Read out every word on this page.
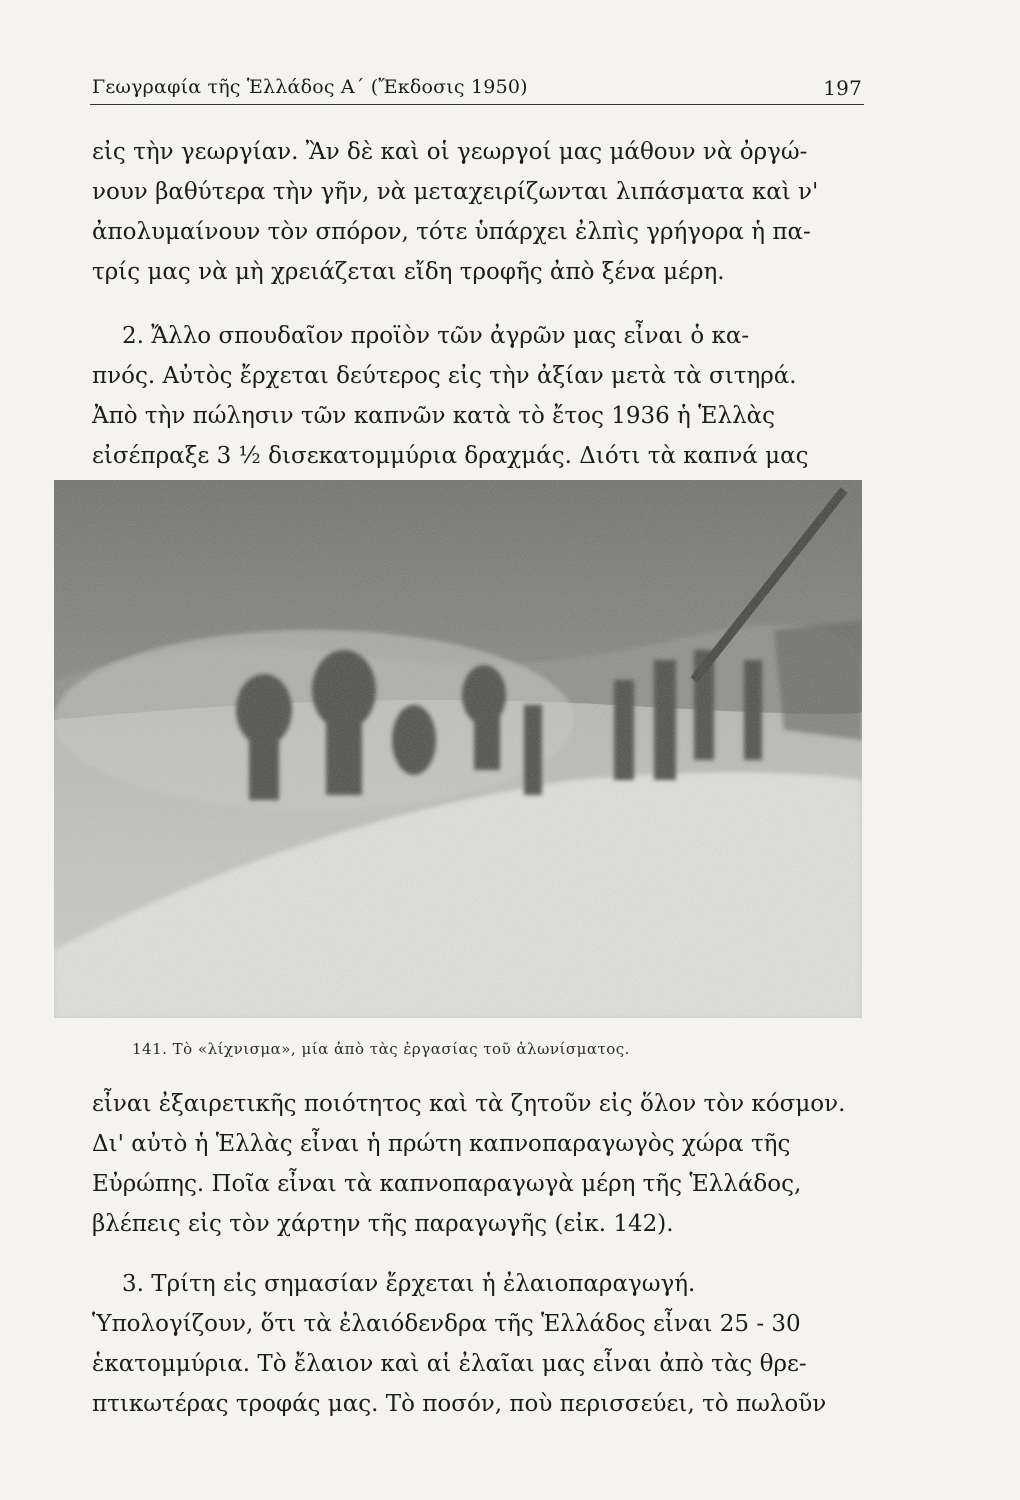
Γεωγραφία τῆς Ἑλλάδος Α΄ (Ἔκδοσις 1950)	197

εἰς τὴν γεωργίαν. Ἂν δὲ καὶ οἱ γεωργοί μας μάθουν νὰ ὀργώ-
νουν βαθύτερα τὴν γῆν, νὰ μεταχειρίζωνται λιπάσματα καὶ ν'
ἀπολυμαίνουν τὸν σπόρον, τότε ὑπάρχει ἐλπὶς γρήγορα ἡ πα-
τρίς μας νὰ μὴ χρειάζεται εἴδη τροφῆς ἀπὸ ξένα μέρη.

2. Ἄλλο σπουδαῖον προϊὸν τῶν ἀγρῶν μας εἶναι ὁ κα-
πνός. Αὐτὸς ἔρχεται δεύτερος εἰς τὴν ἀξίαν μετὰ τὰ σιτηρά.
Ἀπὸ τὴν πώλησιν τῶν καπνῶν κατὰ τὸ ἔτος 1936 ἡ Ἑλλὰς
εἰσέπραξε 3 ½ δισεκατομμύρια δραχμάς. Διότι τὰ καπνά μας

141. Τὸ «λίχνισμα», μία ἀπὸ τὰς ἐργασίας τοῦ ἁλωνίσματος.

εἶναι ἐξαιρετικῆς ποιότητος καὶ τὰ ζητοῦν εἰς ὅλον τὸν κόσμον.
Δι' αὐτὸ ἡ Ἑλλὰς εἶναι ἡ πρώτη καπνοπαραγωγὸς χώρα τῆς
Εὐρώπης. Ποῖα εἶναι τὰ καπνοπαραγωγὰ μέρη τῆς Ἑλλάδος,
βλέπεις εἰς τὸν χάρτην τῆς παραγωγῆς (εἰκ. 142).

3. Τρίτη εἰς σημασίαν ἔρχεται ἡ ἐλαιοπαραγωγή.
Ὑπολογίζουν, ὅτι τὰ ἐλαιόδενδρα τῆς Ἑλλάδος εἶναι 25 - 30
ἑκατομμύρια. Τὸ ἔλαιον καὶ αἱ ἐλαῖαι μας εἶναι ἀπὸ τὰς θρε-
πτικωτέρας τροφάς μας. Τὸ ποσόν, ποὺ περισσεύει, τὸ πωλοῦν
